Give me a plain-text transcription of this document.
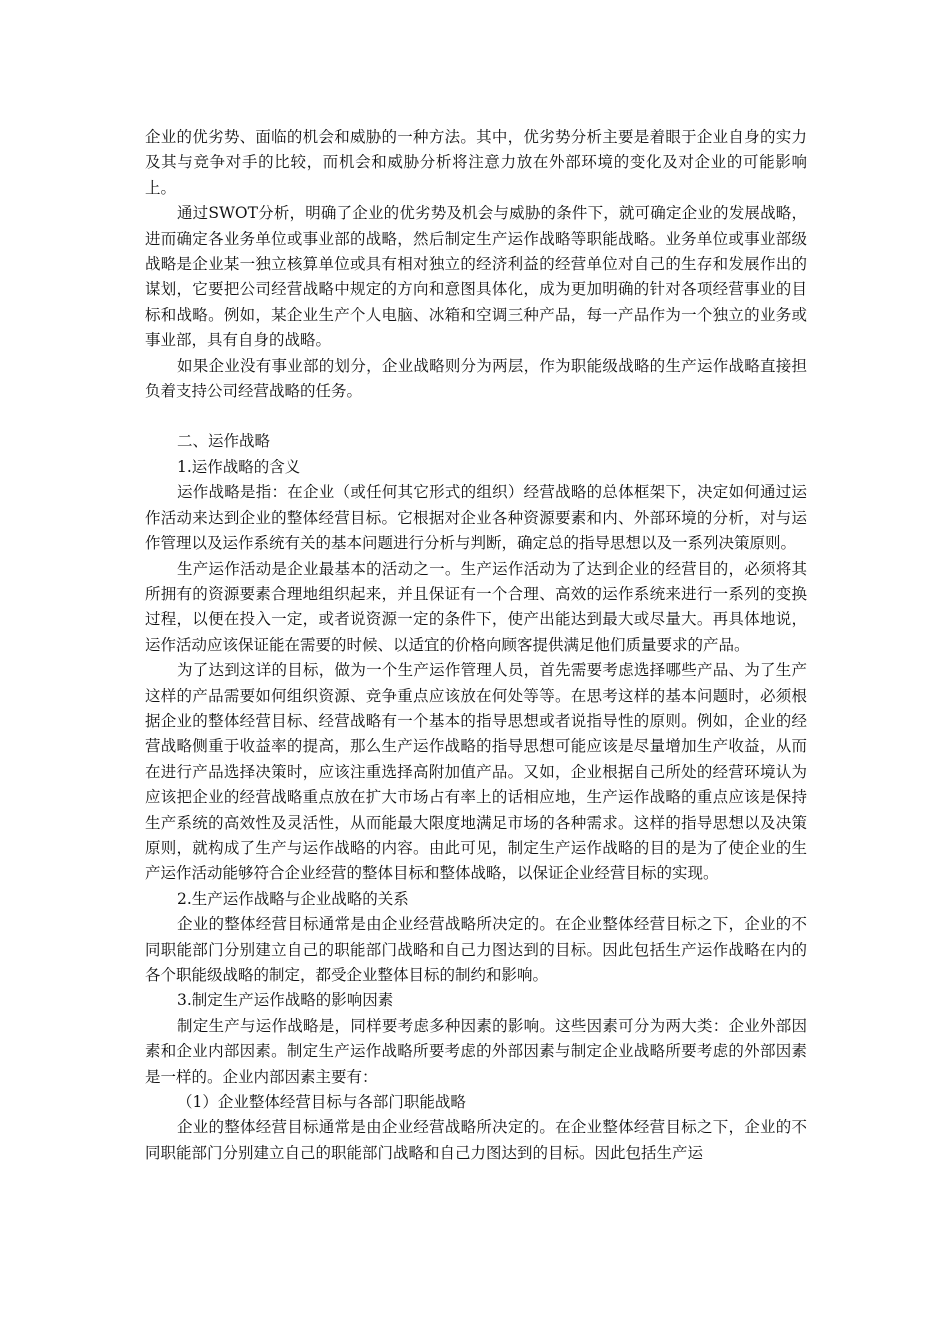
企业的优劣势、面临的机会和威胁的一种方法。其中，优劣势分析主要是着眼于企业自身的实力及其与竞争对手的比较，而机会和威胁分析将注意力放在外部环境的变化及对企业的可能影响上。

通过SWOT分析，明确了企业的优劣势及机会与威胁的条件下，就可确定企业的发展战略，进而确定各业务单位或事业部的战略，然后制定生产运作战略等职能战略。业务单位或事业部级战略是企业某一独立核算单位或具有相对独立的经济利益的经营单位对自己的生存和发展作出的谋划，它要把公司经营战略中规定的方向和意图具体化，成为更加明确的针对各项经营事业的目标和战略。例如，某企业生产个人电脑、冰箱和空调三种产品，每一产品作为一个独立的业务或事业部，具有自身的战略。

如果企业没有事业部的划分，企业战略则分为两层，作为职能级战略的生产运作战略直接担负着支持公司经营战略的任务。

二、运作战略

1.运作战略的含义

运作战略是指：在企业（或任何其它形式的组织）经营战略的总体框架下，决定如何通过运作活动来达到企业的整体经营目标。它根据对企业各种资源要素和内、外部环境的分析，对与运作管理以及运作系统有关的基本问题进行分析与判断，确定总的指导思想以及一系列决策原则。

生产运作活动是企业最基本的活动之一。生产运作活动为了达到企业的经营目的，必须将其所拥有的资源要素合理地组织起来，并且保证有一个合理、高效的运作系统来进行一系列的变换过程，以便在投入一定，或者说资源一定的条件下，使产出能达到最大或尽量大。再具体地说，运作活动应该保证能在需要的时候、以适宜的价格向顾客提供满足他们质量要求的产品。

为了达到这详的目标，做为一个生产运作管理人员，首先需要考虑选择哪些产品、为了生产这样的产品需要如何组织资源、竞争重点应该放在何处等等。在思考这样的基本问题时，必须根据企业的整体经营目标、经营战略有一个基本的指导思想或者说指导性的原则。例如，企业的经营战略侧重于收益率的提高，那么生产运作战略的指导思想可能应该是尽量增加生产收益，从而在进行产品选择决策时，应该注重选择高附加值产品。又如，企业根据自己所处的经营环境认为应该把企业的经营战略重点放在扩大市场占有率上的话相应地，生产运作战略的重点应该是保持生产系统的高效性及灵活性，从而能最大限度地满足市场的各种需求。这样的指导思想以及决策原则，就构成了生产与运作战略的内容。由此可见，制定生产运作战略的目的是为了使企业的生产运作活动能够符合企业经营的整体目标和整体战略，以保证企业经营目标的实现。

2.生产运作战略与企业战略的关系

企业的整体经营目标通常是由企业经营战略所决定的。在企业整体经营目标之下，企业的不同职能部门分别建立自己的职能部门战略和自己力图达到的目标。因此包括生产运作战略在内的各个职能级战略的制定，都受企业整体目标的制约和影响。

3.制定生产运作战略的影响因素

制定生产与运作战略是，同样要考虑多种因素的影响。这些因素可分为两大类：企业外部因素和企业内部因素。制定生产运作战略所要考虑的外部因素与制定企业战略所要考虑的外部因素是一样的。企业内部因素主要有：

（1）企业整体经营目标与各部门职能战略

企业的整体经营目标通常是由企业经营战略所决定的。在企业整体经营目标之下，企业的不同职能部门分别建立自己的职能部门战略和自己力图达到的目标。因此包括生产运
